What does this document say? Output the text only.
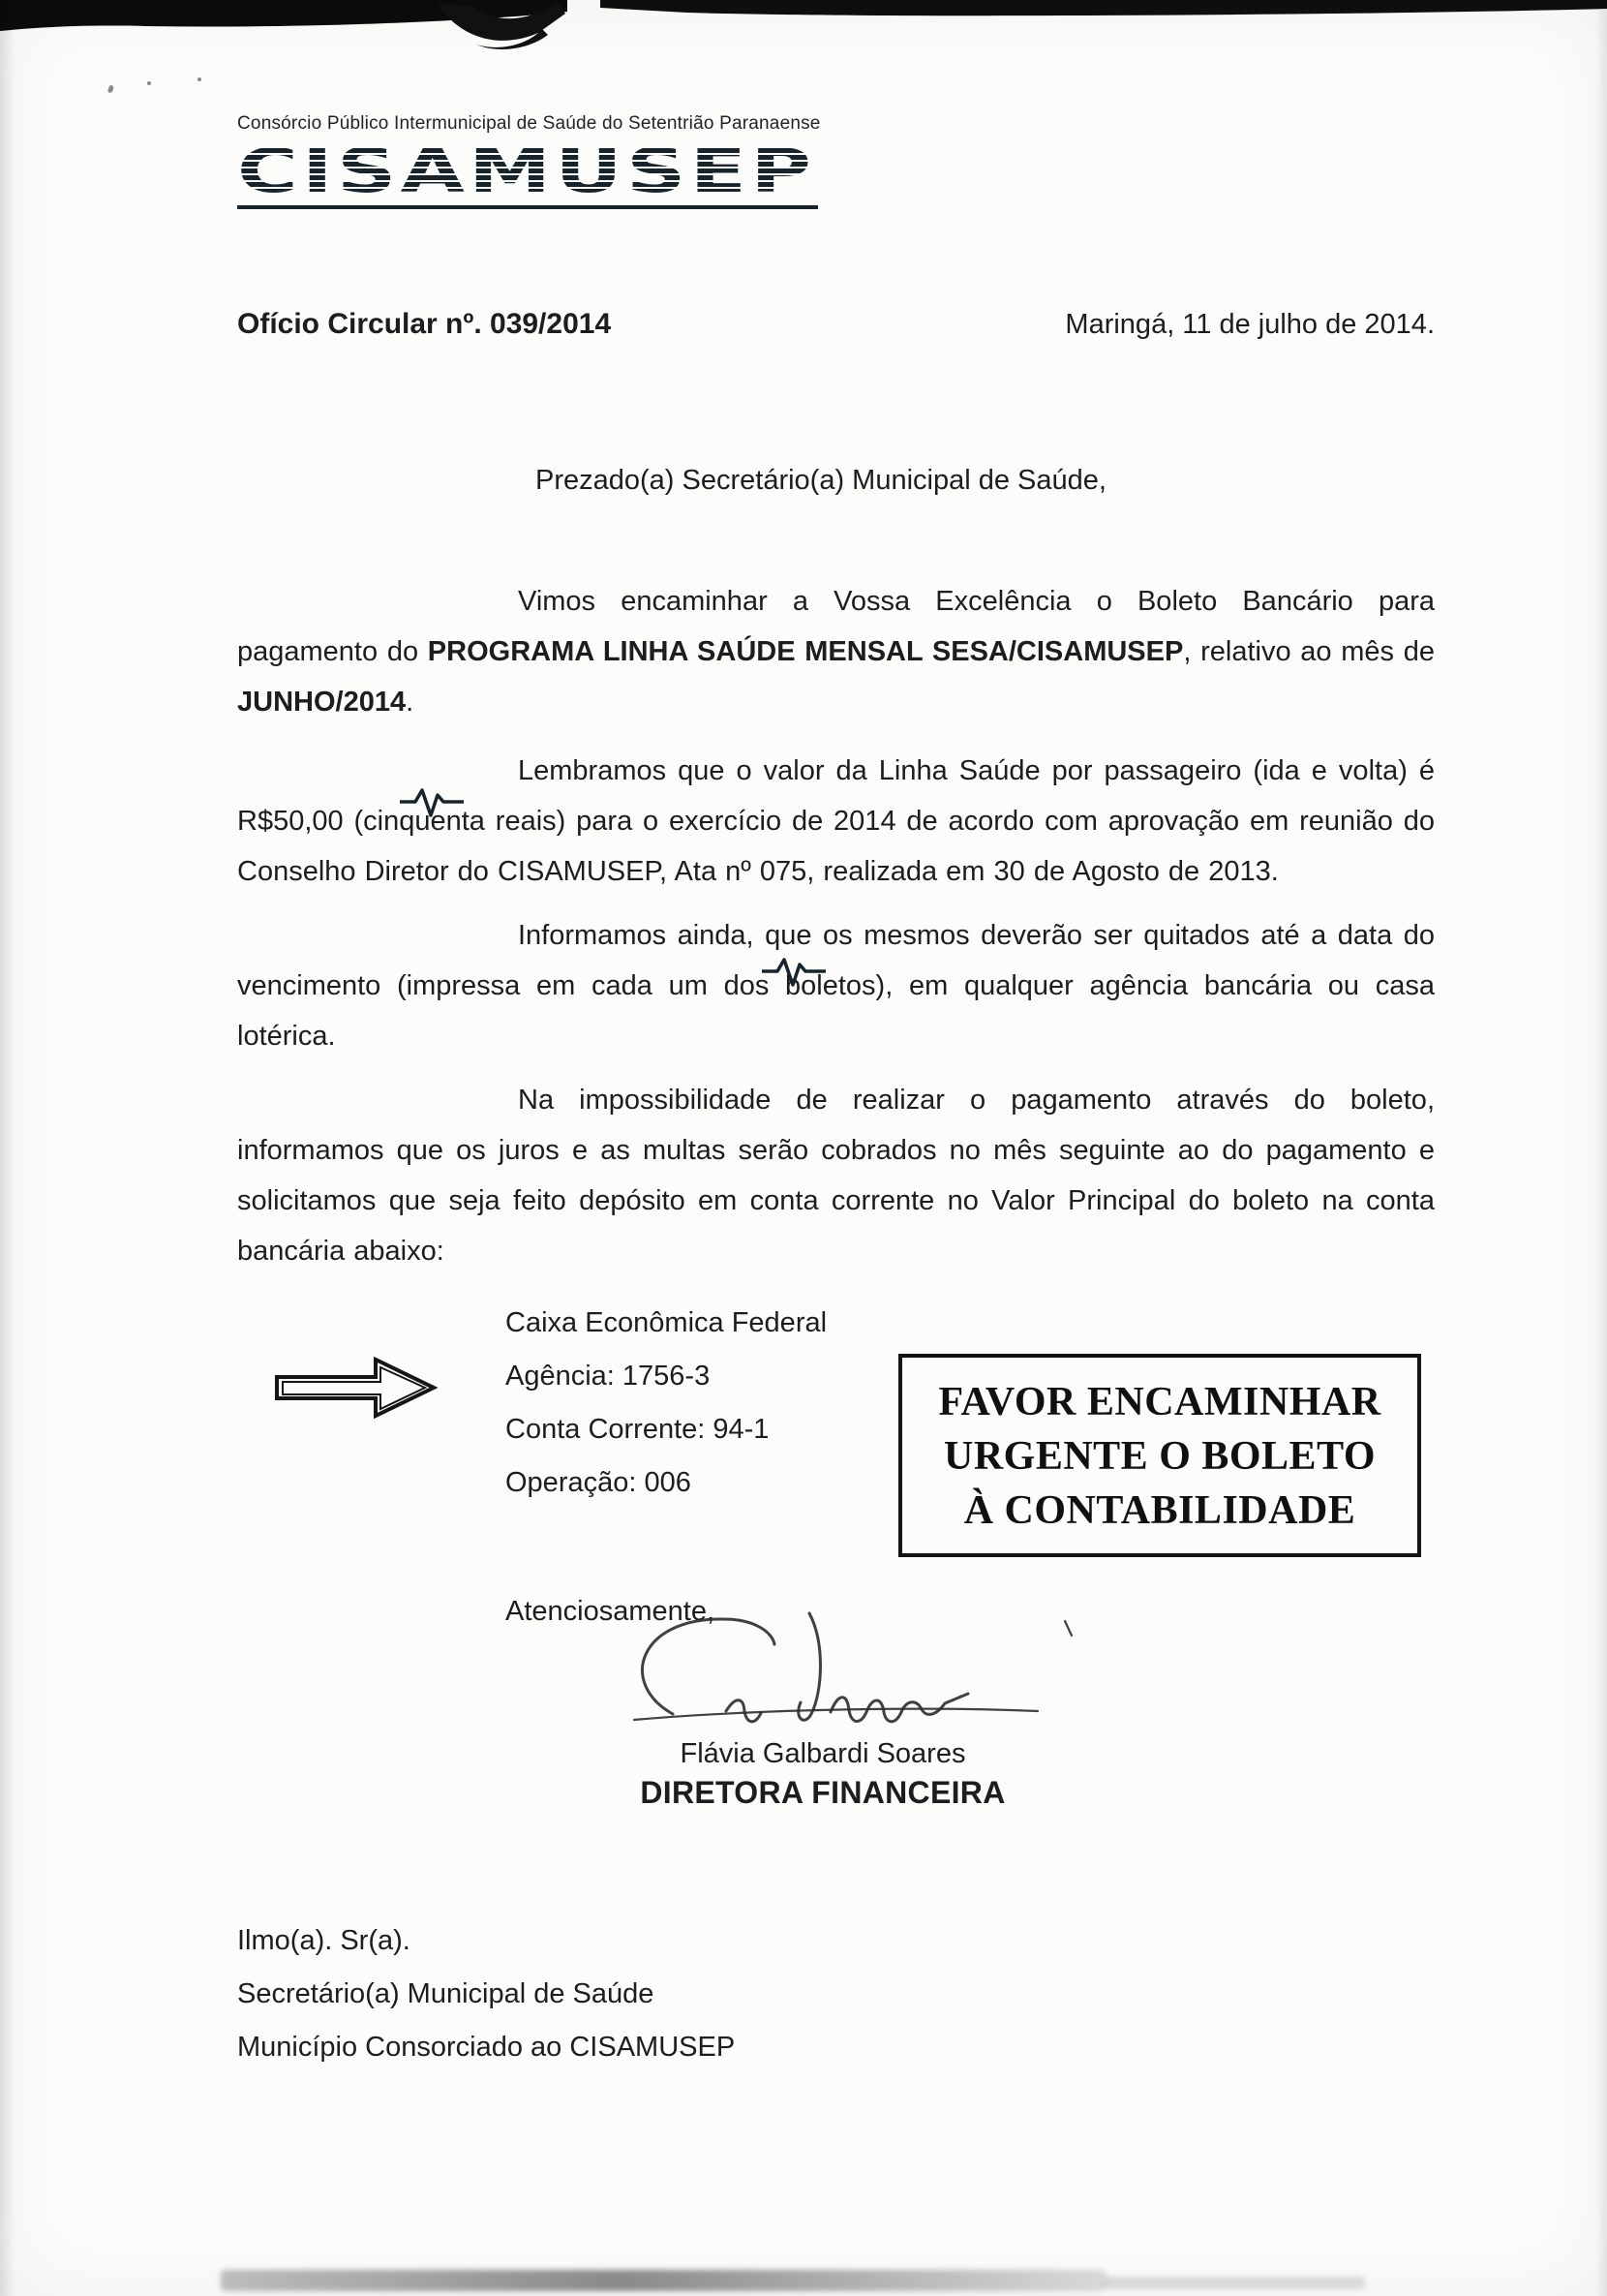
Consórcio Público Intermunicipal de Saúde do Setentrião Paranaense
CISAMUSEP
Ofício Circular nº. 039/2014	Maringá, 11 de julho de 2014.
Prezado(a) Secretário(a) Municipal de Saúde,

Vimos encaminhar a Vossa Excelência o Boleto Bancário para pagamento do PROGRAMA LINHA SAÚDE MENSAL SESA/CISAMUSEP, relativo ao mês de JUNHO/2014.

Lembramos que o valor da Linha Saúde por passageiro (ida e volta) é R$50,00 (cinquenta reais) para o exercício de 2014 de acordo com aprovação em reunião do Conselho Diretor do CISAMUSEP, Ata nº 075, realizada em 30 de Agosto de 2013.

Informamos ainda, que os mesmos deverão ser quitados até a data do vencimento (impressa em cada um dos boletos), em qualquer agência bancária ou casa lotérica.

Na impossibilidade de realizar o pagamento através do boleto, informamos que os juros e as multas serão cobrados no mês seguinte ao do pagamento e solicitamos que seja feito depósito em conta corrente no Valor Principal do boleto na conta bancária abaixo:

Caixa Econômica Federal
Agência: 1756-3
Conta Corrente: 94-1
Operação: 006
FAVOR ENCAMINHAR
URGENTE O BOLETO
À CONTABILIDADE
Atenciosamente,
Flávia Galbardi Soares
DIRETORA FINANCEIRA
Ilmo(a). Sr(a).
Secretário(a) Municipal de Saúde
Município Consorciado ao CISAMUSEP
